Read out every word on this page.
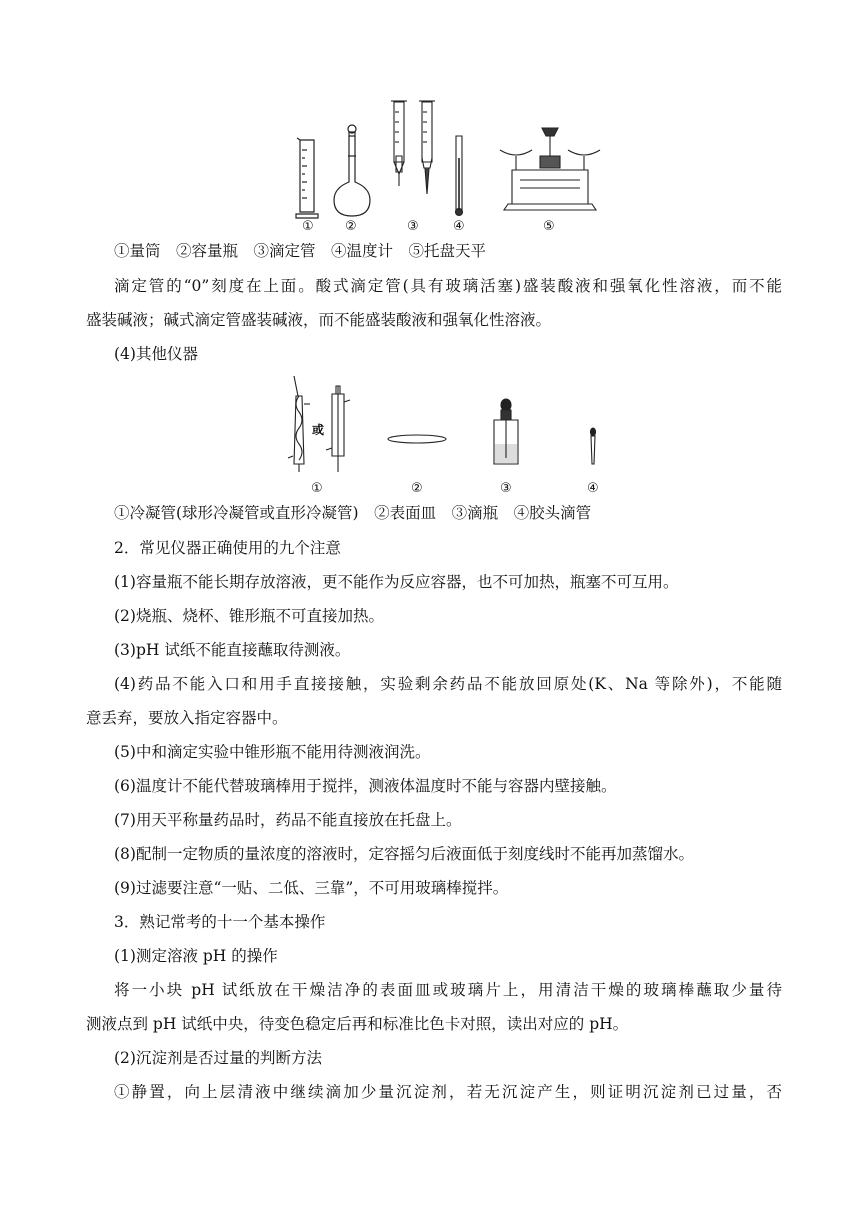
① ②	③	④	⑤
①量筒　②容量瓶　③滴定管　④温度计　⑤托盘天平
滴定管的“0”刻度在上面。酸式滴定管(具有玻璃活塞)盛装酸液和强氧化性溶液，而不能
盛装碱液；碱式滴定管盛装碱液，而不能盛装酸液和强氧化性溶液。
(4)其他仪器
或
①	②	③	④
①冷凝管(球形冷凝管或直形冷凝管)　②表面皿　③滴瓶　④胶头滴管
2．常见仪器正确使用的九个注意
(1)容量瓶不能长期存放溶液，更不能作为反应容器，也不可加热，瓶塞不可互用。
(2)烧瓶、烧杯、锥形瓶不可直接加热。
(3)pH 试纸不能直接蘸取待测液。
(4)药品不能入口和用手直接接触，实验剩余药品不能放回原处(K、Na 等除外)，不能随
意丢弃，要放入指定容器中。
(5)中和滴定实验中锥形瓶不能用待测液润洗。
(6)温度计不能代替玻璃棒用于搅拌，测液体温度时不能与容器内壁接触。
(7)用天平称量药品时，药品不能直接放在托盘上。
(8)配制一定物质的量浓度的溶液时，定容摇匀后液面低于刻度线时不能再加蒸馏水。
(9)过滤要注意“一贴、二低、三靠”，不可用玻璃棒搅拌。
3．熟记常考的十一个基本操作
(1)测定溶液 pH 的操作
将一小块 pH 试纸放在干燥洁净的表面皿或玻璃片上，用清洁干燥的玻璃棒蘸取少量待
测液点到 pH 试纸中央，待变色稳定后再和标准比色卡对照，读出对应的 pH。
(2)沉淀剂是否过量的判断方法
①静置，向上层清液中继续滴加少量沉淀剂，若无沉淀产生，则证明沉淀剂已过量，否
